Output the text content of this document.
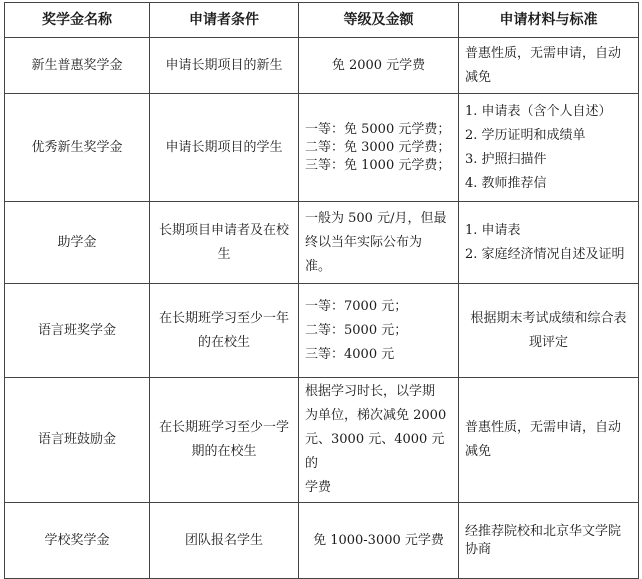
奖学金名称	申请者条件	等级及金额	申请材料与标准
新生普惠奖学金	申请长期项目的新生	免 2000 元学费	普惠性质，无需申请，自动
减免

优秀新生奖学金	申请长期项目的学生	一等：免 5000 元学费；
二等：免 3000 元学费；
三等：免 1000 元学费；	1. 申请表（含个人自述）
2. 学历证明和成绩单
3. 护照扫描件
4. 教师推荐信

助学金	长期项目申请者及在校
生	一般为 500 元/月，但最
终以当年实际公布为
准。	1. 申请表
2. 家庭经济情况自述及证明

语言班奖学金	在长期班学习至少一年
的在校生	一等：7000 元；
二等：5000 元；
三等：4000 元	根据期末考试成绩和综合表
现评定

语言班鼓励金	在长期班学习至少一学
期的在校生	根据学习时长，以学期
为单位，梯次减免 2000
元、3000 元、4000 元的
学费	普惠性质，无需申请，自动
减免

学校奖学金	团队报名学生	免 1000-3000 元学费	经推荐院校和北京华文学院
协商
